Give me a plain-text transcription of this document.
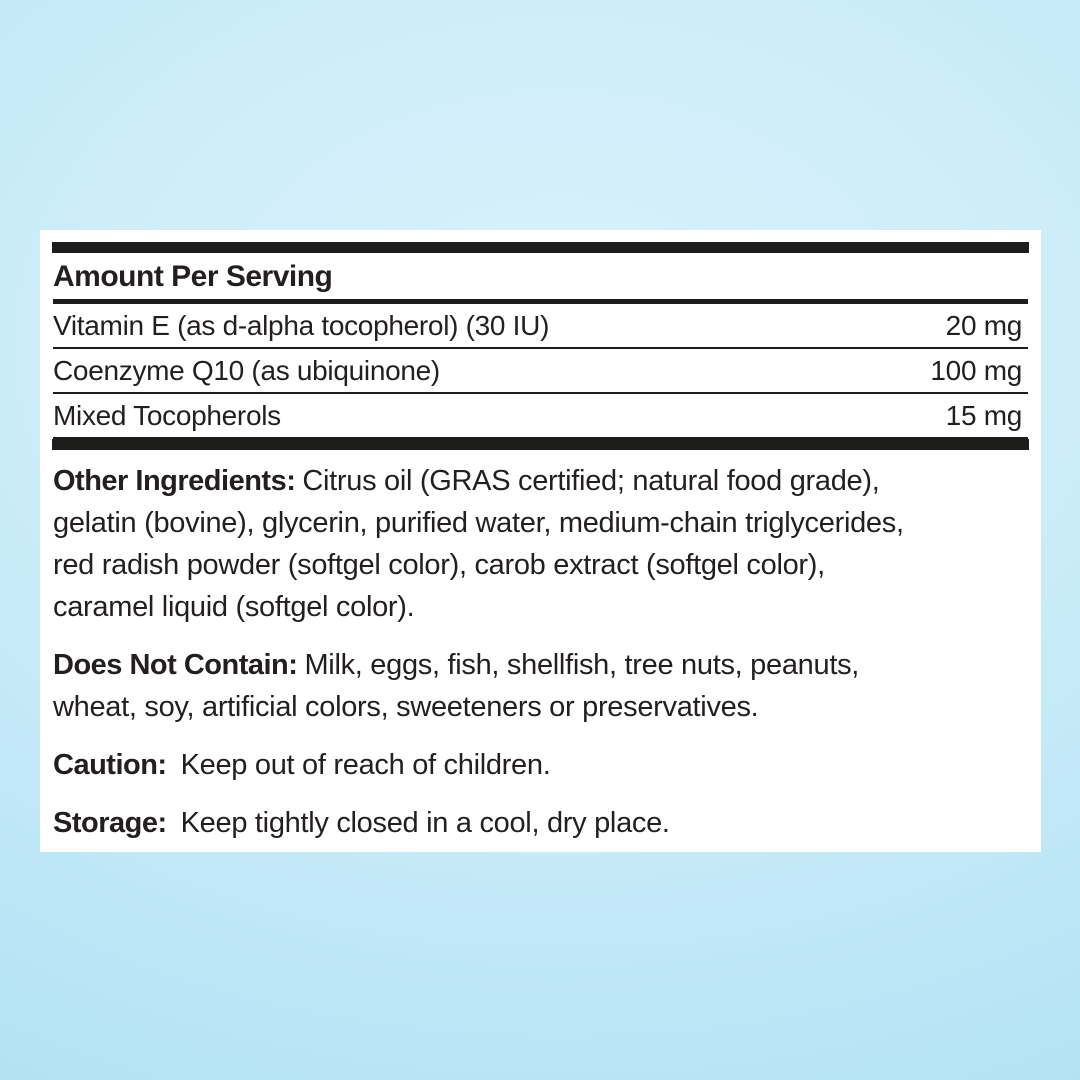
Amount Per Serving
Vitamin E (as d-alpha tocopherol) (30 IU)	20 mg
Coenzyme Q10 (as ubiquinone)	100 mg
Mixed Tocopherols	15 mg
Other Ingredients: Citrus oil (GRAS certified; natural food grade),
gelatin (bovine), glycerin, purified water, medium-chain triglycerides,
red radish powder (softgel color), carob extract (softgel color),
caramel liquid (softgel color).
Does Not Contain: Milk, eggs, fish, shellfish, tree nuts, peanuts,
wheat, soy, artificial colors, sweeteners or preservatives.
Caution: Keep out of reach of children.
Storage: Keep tightly closed in a cool, dry place.
